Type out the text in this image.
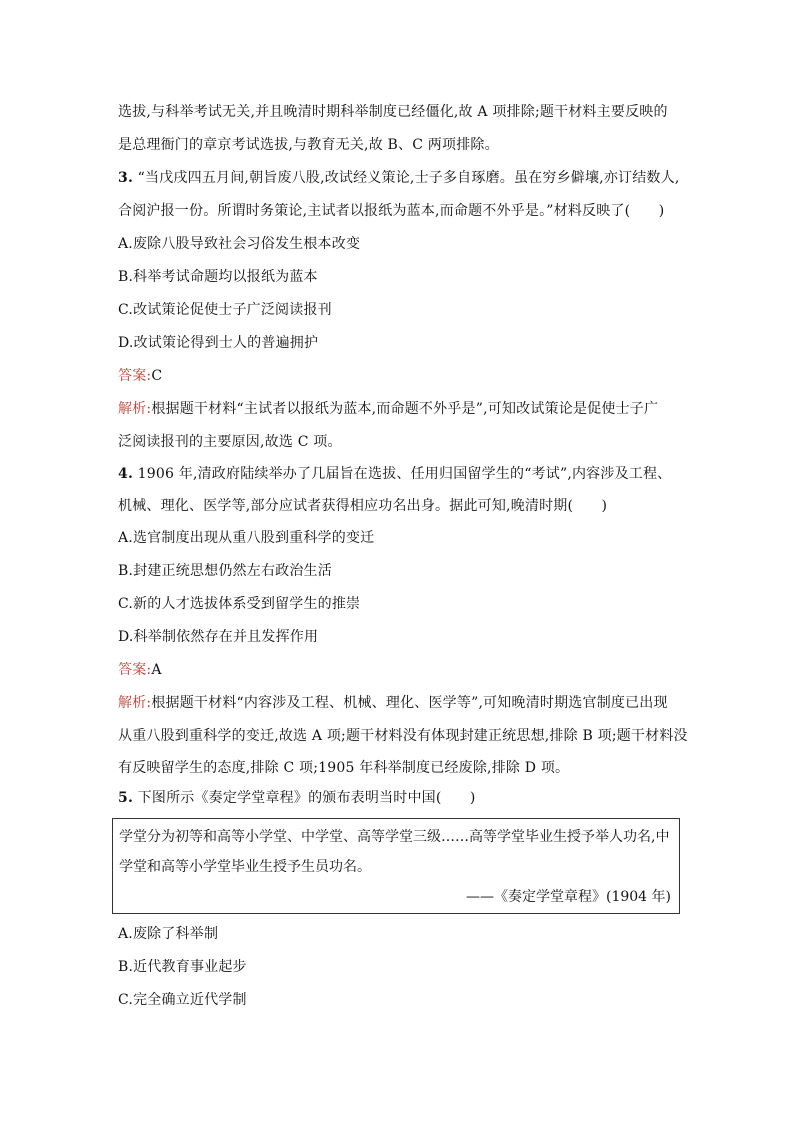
选拔,与科举考试无关,并且晚清时期科举制度已经僵化,故 A 项排除;题干材料主要反映的
是总理衙门的章京考试选拔,与教育无关,故 B、C 两项排除。
3. “当戊戌四五月间,朝旨废八股,改试经义策论,士子多自琢磨。虽在穷乡僻壤,亦订结数人,
合阅沪报一份。所谓时务策论,主试者以报纸为蓝本,而命题不外乎是。”材料反映了(　　)
A.废除八股导致社会习俗发生根本改变
B.科举考试命题均以报纸为蓝本
C.改试策论促使士子广泛阅读报刊
D.改试策论得到士人的普遍拥护
答案:C
解析:根据题干材料“主试者以报纸为蓝本,而命题不外乎是”,可知改试策论是促使士子广
泛阅读报刊的主要原因,故选 C 项。
4. 1906 年,清政府陆续举办了几届旨在选拔、任用归国留学生的“考试”,内容涉及工程、
机械、理化、医学等,部分应试者获得相应功名出身。据此可知,晚清时期(　　)
A.选官制度出现从重八股到重科学的变迁
B.封建正统思想仍然左右政治生活
C.新的人才选拔体系受到留学生的推崇
D.科举制依然存在并且发挥作用
答案:A
解析:根据题干材料“内容涉及工程、机械、理化、医学等”,可知晚清时期选官制度已出现
从重八股到重科学的变迁,故选 A 项;题干材料没有体现封建正统思想,排除 B 项;题干材料没
有反映留学生的态度,排除 C 项;1905 年科举制度已经废除,排除 D 项。
5. 下图所示《奏定学堂章程》的颁布表明当时中国(　　)
学堂分为初等和高等小学堂、中学堂、高等学堂三级……高等学堂毕业生授予举人功名,中
学堂和高等小学堂毕业生授予生员功名。
——《奏定学堂章程》(1904 年)
A.废除了科举制
B.近代教育事业起步
C.完全确立近代学制
